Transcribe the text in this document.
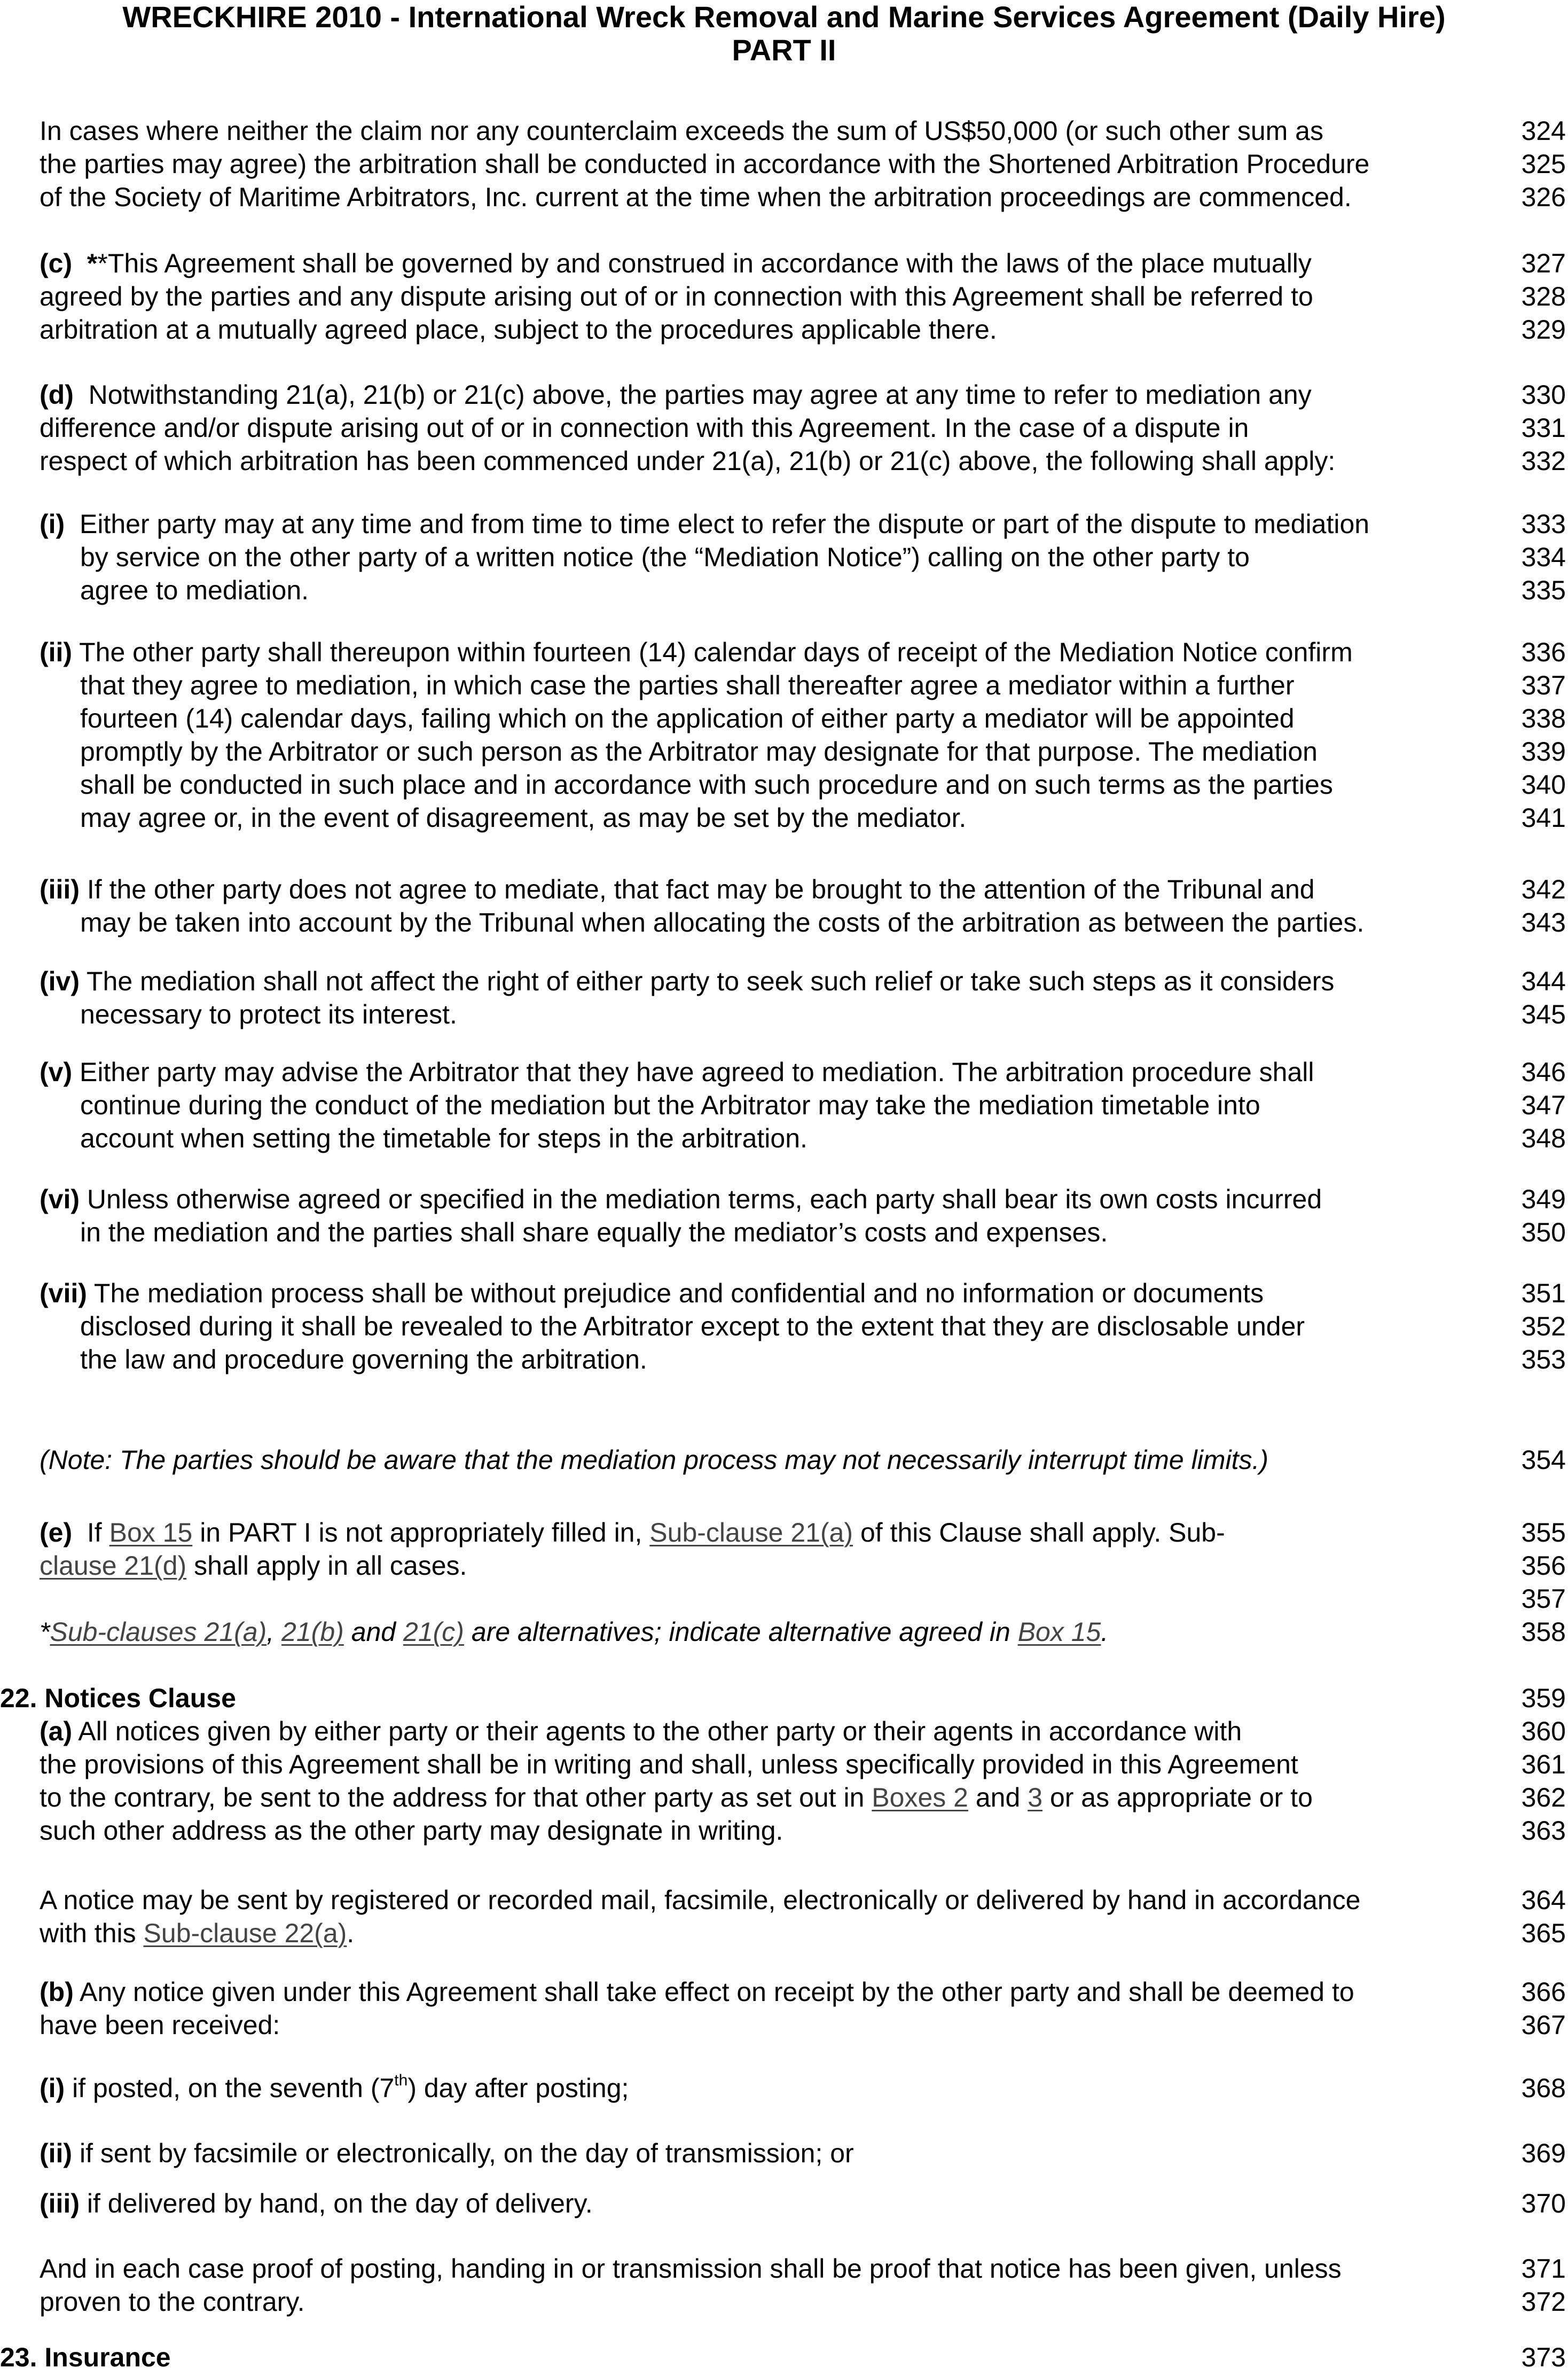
WRECKHIRE 2010 - International Wreck Removal and Marine Services Agreement (Daily Hire)
PART II
In cases where neither the claim nor any counterclaim exceeds the sum of US$50,000 (or such other sum as	324
the parties may agree) the arbitration shall be conducted in accordance with the Shortened Arbitration Procedure	325
of the Society of Maritime Arbitrators, Inc. current at the time when the arbitration proceedings are commenced.	326
(c) **This Agreement shall be governed by and construed in accordance with the laws of the place mutually	327
agreed by the parties and any dispute arising out of or in connection with this Agreement shall be referred to	328
arbitration at a mutually agreed place, subject to the procedures applicable there.	329
(d) Notwithstanding 21(a), 21(b) or 21(c) above, the parties may agree at any time to refer to mediation any	330
difference and/or dispute arising out of or in connection with this Agreement. In the case of a dispute in	331
respect of which arbitration has been commenced under 21(a), 21(b) or 21(c) above, the following shall apply:	332
(i) Either party may at any time and from time to time elect to refer the dispute or part of the dispute to mediation	333
by service on the other party of a written notice (the “Mediation Notice”) calling on the other party to	334
agree to mediation.	335
(ii) The other party shall thereupon within fourteen (14) calendar days of receipt of the Mediation Notice confirm	336
that they agree to mediation, in which case the parties shall thereafter agree a mediator within a further	337
fourteen (14) calendar days, failing which on the application of either party a mediator will be appointed	338
promptly by the Arbitrator or such person as the Arbitrator may designate for that purpose. The mediation	339
shall be conducted in such place and in accordance with such procedure and on such terms as the parties	340
may agree or, in the event of disagreement, as may be set by the mediator.	341
(iii) If the other party does not agree to mediate, that fact may be brought to the attention of the Tribunal and	342
may be taken into account by the Tribunal when allocating the costs of the arbitration as between the parties.	343
(iv) The mediation shall not affect the right of either party to seek such relief or take such steps as it considers	344
necessary to protect its interest.	345
(v) Either party may advise the Arbitrator that they have agreed to mediation. The arbitration procedure shall	346
continue during the conduct of the mediation but the Arbitrator may take the mediation timetable into	347
account when setting the timetable for steps in the arbitration.	348
(vi) Unless otherwise agreed or specified in the mediation terms, each party shall bear its own costs incurred	349
in the mediation and the parties shall share equally the mediator’s costs and expenses.	350
(vii) The mediation process shall be without prejudice and confidential and no information or documents	351
disclosed during it shall be revealed to the Arbitrator except to the extent that they are disclosable under	352
the law and procedure governing the arbitration.	353
(Note: The parties should be aware that the mediation process may not necessarily interrupt time limits.)	354
(e) If Box 15 in PART I is not appropriately filled in, Sub-clause 21(a) of this Clause shall apply. Sub-	355
clause 21(d) shall apply in all cases.	356
357
*Sub-clauses 21(a), 21(b) and 21(c) are alternatives; indicate alternative agreed in Box 15.	358
22. Notices Clause	359
(a) All notices given by either party or their agents to the other party or their agents in accordance with	360
the provisions of this Agreement shall be in writing and shall, unless specifically provided in this Agreement	361
to the contrary, be sent to the address for that other party as set out in Boxes 2 and 3 or as appropriate or to	362
such other address as the other party may designate in writing.	363
A notice may be sent by registered or recorded mail, facsimile, electronically or delivered by hand in accordance	364
with this Sub-clause 22(a).	365
(b) Any notice given under this Agreement shall take effect on receipt by the other party and shall be deemed to	366
have been received:	367
(i) if posted, on the seventh (7th) day after posting;	368
(ii) if sent by facsimile or electronically, on the day of transmission; or	369
(iii) if delivered by hand, on the day of delivery.	370
And in each case proof of posting, handing in or transmission shall be proof that notice has been given, unless	371
proven to the contrary.	372
23. Insurance	373
